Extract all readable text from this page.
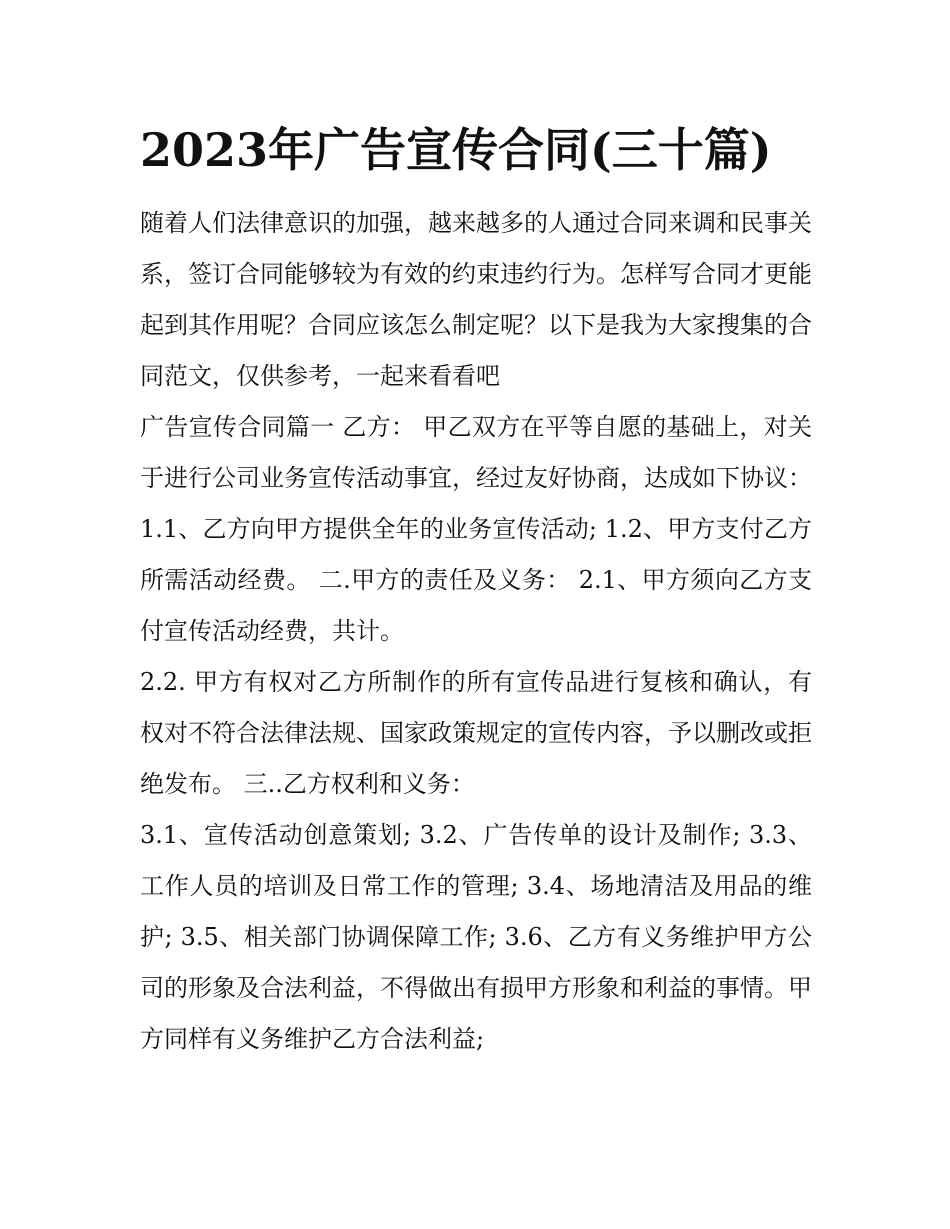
2023年广告宣传合同(三十篇)

随着人们法律意识的加强，越来越多的人通过合同来调和民事关系，签订合同能够较为有效的约束违约行为。怎样写合同才更能起到其作用呢？合同应该怎么制定呢？以下是我为大家搜集的合同范文，仅供参考，一起来看看吧

广告宣传合同篇一 乙方： 甲乙双方在平等自愿的基础上，对关于进行公司业务宣传活动事宜，经过友好协商，达成如下协议：

1.1、乙方向甲方提供全年的业务宣传活动; 1.2、甲方支付乙方所需活动经费。 二.甲方的责任及义务： 2.1、甲方须向乙方支付宣传活动经费，共计。

2.2. 甲方有权对乙方所制作的所有宣传品进行复核和确认，有权对不符合法律法规、国家政策规定的宣传内容，予以删改或拒绝发布。 三..乙方权利和义务：

3.1、宣传活动创意策划; 3.2、广告传单的设计及制作; 3.3、工作人员的培训及日常工作的管理; 3.4、场地清洁及用品的维护; 3.5、相关部门协调保障工作; 3.6、乙方有义务维护甲方公司的形象及合法利益，不得做出有损甲方形象和利益的事情。甲方同样有义务维护乙方合法利益;
